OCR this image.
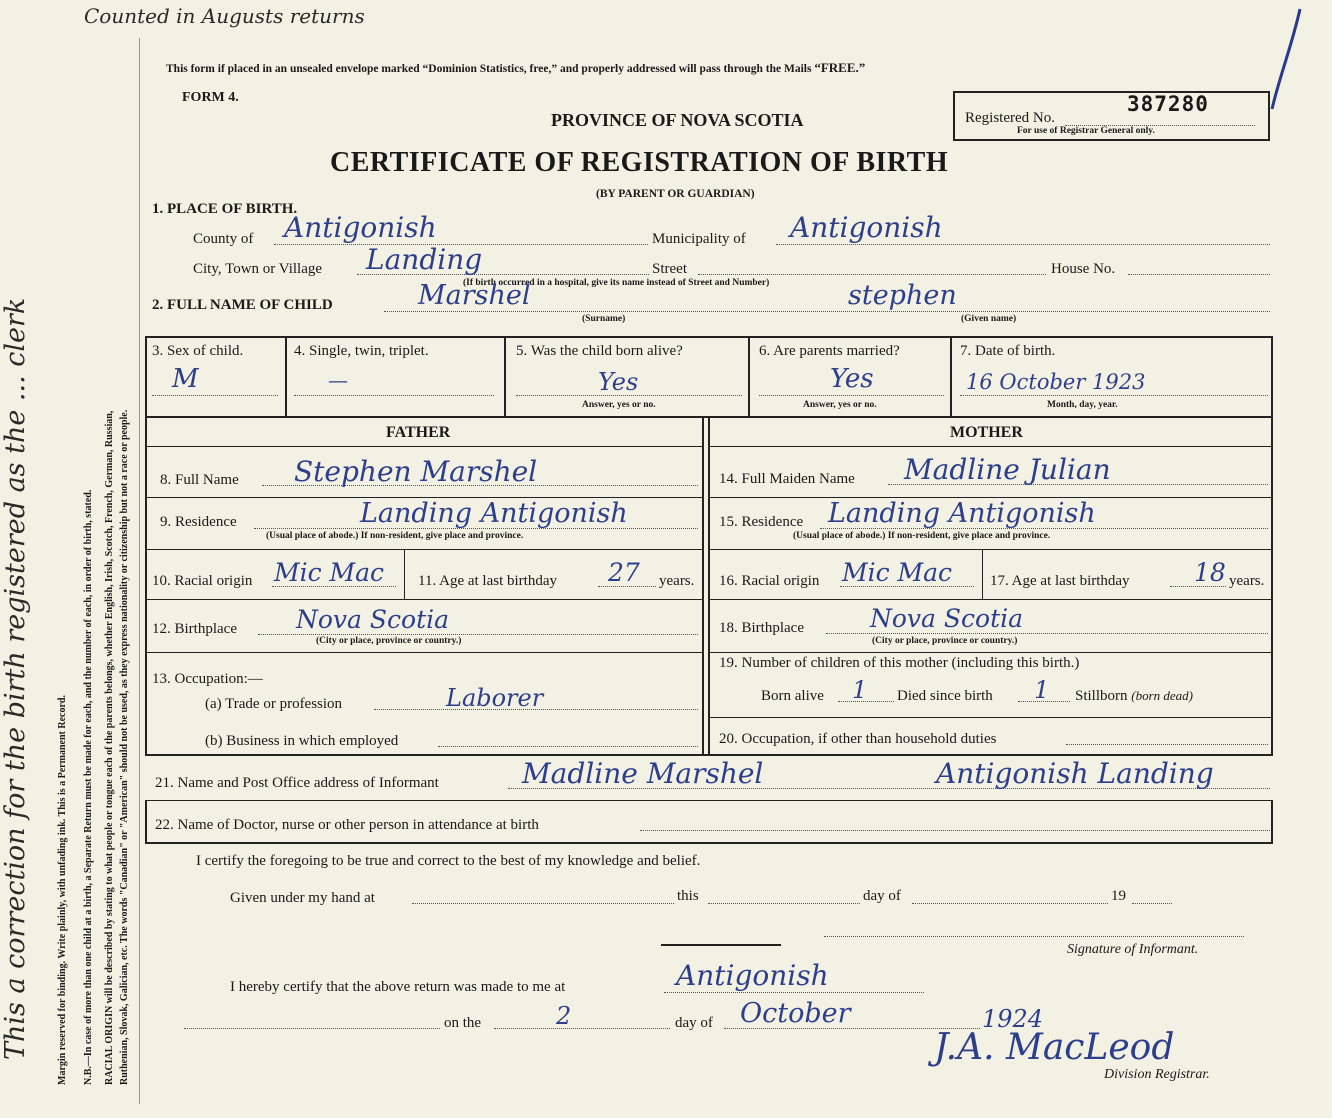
Counted in Augusts returns
This a correction for the birth registered as the ... clerk	Margin reserved for binding. Write plainly, with unfading ink. This is a Permanent Record. N.B.—In case of more than one child at a birth, a Separate Return must be made for each, and the number of each, in order of birth, stated. RACIAL ORIGIN will be described by stating to what people or tongue each of the parents belongs, whether English, Irish, Scotch, French, German, Russian, Ruthenian, Slovak, Galician, etc. The words "Canadian" or "American" should not be used, as they express nationality or citizenship but not a race or people.
This form if placed in an unsealed envelope marked “Dominion Statistics, free,” and properly addressed will pass through the Mails “FREE.”
FORM 4.
PROVINCE OF NOVA SCOTIA
CERTIFICATE OF REGISTRATION OF BIRTH
(BY PARENT OR GUARDIAN)
Registered No.
387280
For use of Registrar General only.
1. PLACE OF BIRTH.
County of Antigonish	Municipality of Antigonish
City, Town or Village Landing	Street	House No.
(If birth occurred in a hospital, give its name instead of Street and Number)
2. FULL NAME OF CHILD	Marshel	stephen
(Surname)	(Given name)
3. Sex of child.
M
4. Single, twin, triplet.
—
5. Was the child born alive?
Yes
Answer, yes or no.
6. Are parents married?
Yes
Answer, yes or no.
7. Date of birth.
16 October 1923
Month, day, year.
FATHER
8. Full Name Stephen Marshel
9. Residence	Landing Antigonish
(Usual place of abode.) If non-resident, give place and province.
10. Racial origin Mic Mac 11. Age at last birthday 27 years.
12. Birthplace Nova Scotia
(City or place, province or country.)
13. Occupation:—
(a) Trade or profession	Laborer
(b) Business in which employed
MOTHER
14. Full Maiden Name Madline Julian
15. Residence Landing Antigonish
(Usual place of abode.) If non-resident, give place and province.
16. Racial origin Mic Mac	17. Age at last birthday	18 years.
18. Birthplace	Nova Scotia
(City or place, province or country.)
19. Number of children of this mother (including this birth.)
Born alive 1 Died since birth 1 Stillborn (born dead)
20. Occupation, if other than household duties
21. Name and Post Office address of Informant	Madline Marshel	Antigonish Landing
22. Name of Doctor, nurse or other person in attendance at birth
I certify the foregoing to be true and correct to the best of my knowledge and belief.
Given under my hand at	this	day of	19
Signature of Informant.
I hereby certify that the above return was made to me at	Antigonish
on the	2	day of October	1924
J.A. MacLeod
Division Registrar.
